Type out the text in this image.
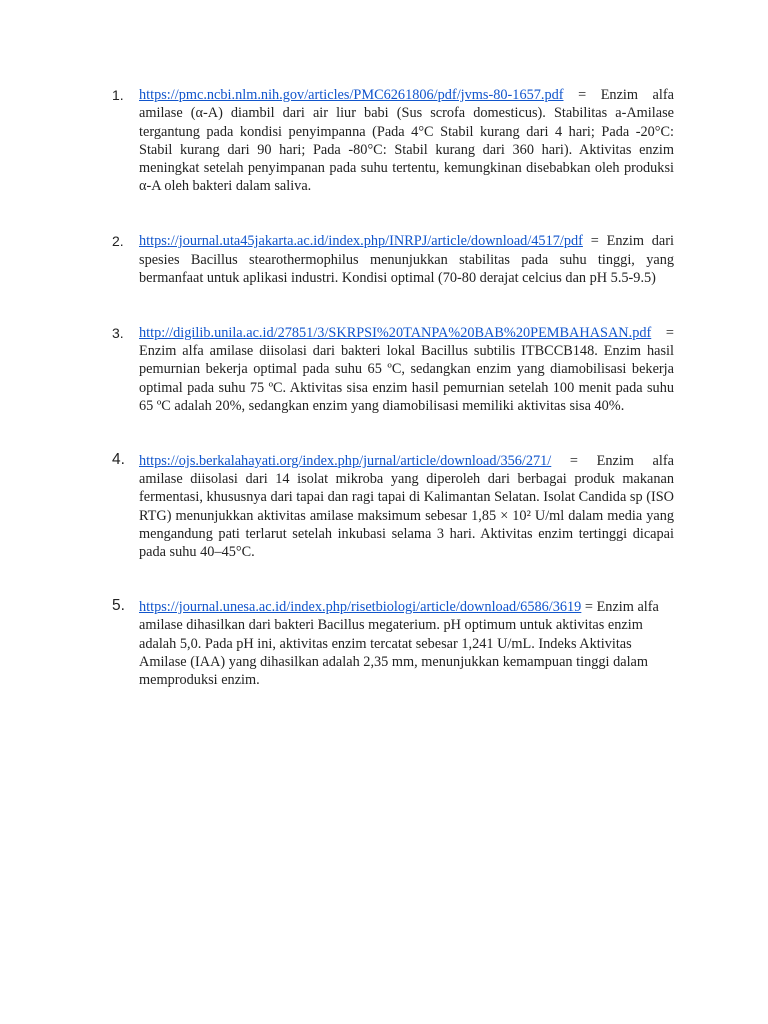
1. https://pmc.ncbi.nlm.nih.gov/articles/PMC6261806/pdf/jvms-80-1657.pdf = Enzim alfa amilase (α-A) diambil dari air liur babi (Sus scrofa domesticus). Stabilitas a-Amilase tergantung pada kondisi penyimpanna (Pada 4°C Stabil kurang dari 4 hari; Pada -20°C: Stabil kurang dari 90 hari; Pada -80°C: Stabil kurang dari 360 hari). Aktivitas enzim meningkat setelah penyimpanan pada suhu tertentu, kemungkinan disebabkan oleh produksi α-A oleh bakteri dalam saliva.
2. https://journal.uta45jakarta.ac.id/index.php/INRPJ/article/download/4517/pdf = Enzim dari spesies Bacillus stearothermophilus menunjukkan stabilitas pada suhu tinggi, yang bermanfaat untuk aplikasi industri. Kondisi optimal (70-80 derajat celcius dan pH 5.5-9.5)
3. http://digilib.unila.ac.id/27851/3/SKRPSI%20TANPA%20BAB%20PEMBAHASAN.pdf = Enzim alfa amilase diisolasi dari bakteri lokal Bacillus subtilis ITBCCB148. Enzim hasil pemurnian bekerja optimal pada suhu 65 ºC, sedangkan enzim yang diamobilisasi bekerja optimal pada suhu 75 ºC. Aktivitas sisa enzim hasil pemurnian setelah 100 menit pada suhu 65 ºC adalah 20%, sedangkan enzim yang diamobilisasi memiliki aktivitas sisa 40%.
4. https://ojs.berkalahayati.org/index.php/jurnal/article/download/356/271/ = Enzim alfa amilase diisolasi dari 14 isolat mikroba yang diperoleh dari berbagai produk makanan fermentasi, khususnya dari tapai dan ragi tapai di Kalimantan Selatan. Isolat Candida sp (ISO RTG) menunjukkan aktivitas amilase maksimum sebesar 1,85 × 10² U/ml dalam media yang mengandung pati terlarut setelah inkubasi selama 3 hari. Aktivitas enzim tertinggi dicapai pada suhu 40–45°C.
5. https://journal.unesa.ac.id/index.php/risetbiologi/article/download/6586/3619 = Enzim alfa amilase dihasilkan dari bakteri Bacillus megaterium. pH optimum untuk aktivitas enzim adalah 5,0. Pada pH ini, aktivitas enzim tercatat sebesar 1,241 U/mL. Indeks Aktivitas Amilase (IAA) yang dihasilkan adalah 2,35 mm, menunjukkan kemampuan tinggi dalam memproduksi enzim.
